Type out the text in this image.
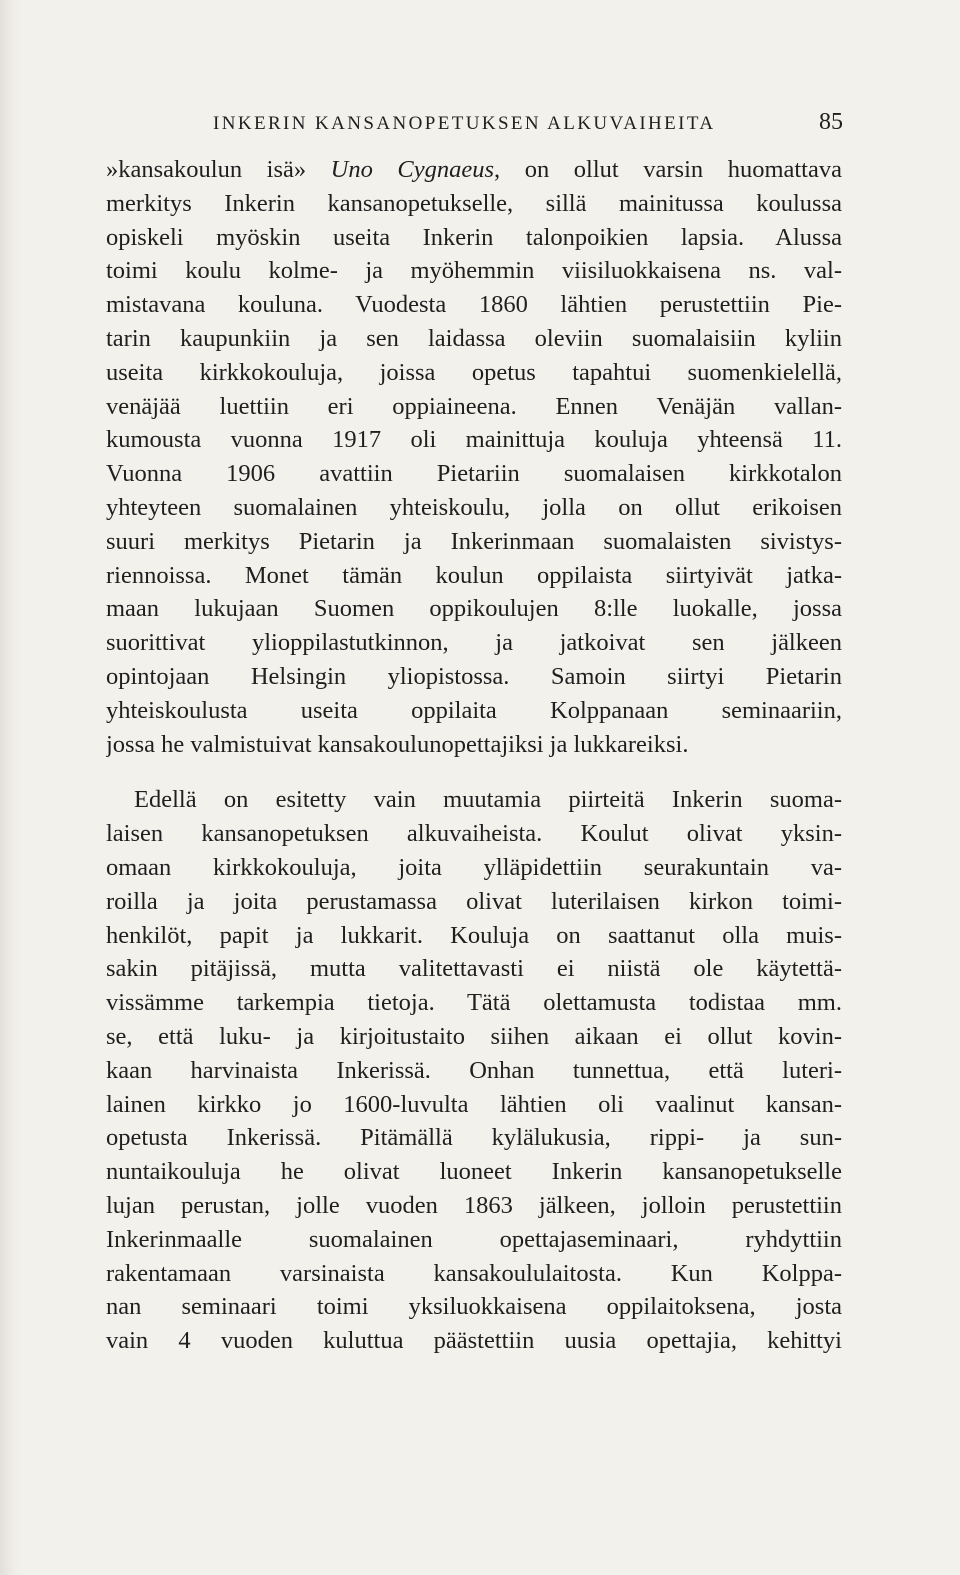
INKERIN KANSANOPETUKSEN ALKUVAIHEITA	85
»kansakoulun isä» Uno Cygnaeus, on ollut varsin huomattava
merkitys Inkerin kansanopetukselle, sillä mainitussa koulussa
opiskeli myöskin useita Inkerin talonpoikien lapsia. Alussa
toimi koulu kolme- ja myöhemmin viisiluokkaisena ns. val-
mistavana kouluna. Vuodesta 1860 lähtien perustettiin Pie-
tarin kaupunkiin ja sen laidassa oleviin suomalaisiin kyliin
useita kirkkokouluja, joissa opetus tapahtui suomenkielellä,
venäjää luettiin eri oppiaineena. Ennen Venäjän vallan-
kumousta vuonna 1917 oli mainittuja kouluja yhteensä 11.
Vuonna 1906 avattiin Pietariin suomalaisen kirkkotalon
yhteyteen suomalainen yhteiskoulu, jolla on ollut erikoisen
suuri merkitys Pietarin ja Inkerinmaan suomalaisten sivistys-
riennoissa. Monet tämän koulun oppilaista siirtyivät jatka-
maan lukujaan Suomen oppikoulujen 8:lle luokalle, jossa
suorittivat ylioppilastutkinnon, ja jatkoivat sen jälkeen
opintojaan Helsingin yliopistossa. Samoin siirtyi Pietarin
yhteiskoulusta useita oppilaita Kolppanaan seminaariin,
jossa he valmistuivat kansakoulunopettajiksi ja lukkareiksi.
Edellä on esitetty vain muutamia piirteitä Inkerin suoma-
laisen kansanopetuksen alkuvaiheista. Koulut olivat yksin-
omaan kirkkokouluja, joita ylläpidettiin seurakuntain va-
roilla ja joita perustamassa olivat luterilaisen kirkon toimi-
henkilöt, papit ja lukkarit. Kouluja on saattanut olla muis-
sakin pitäjissä, mutta valitettavasti ei niistä ole käytettä-
vissämme tarkempia tietoja. Tätä olettamusta todistaa mm.
se, että luku- ja kirjoitustaito siihen aikaan ei ollut kovin-
kaan harvinaista Inkerissä. Onhan tunnettua, että luteri-
lainen kirkko jo 1600-luvulta lähtien oli vaalinut kansan-
opetusta Inkerissä. Pitämällä kylälukusia, rippi- ja sun-
nuntaikouluja he olivat luoneet Inkerin kansanopetukselle
lujan perustan, jolle vuoden 1863 jälkeen, jolloin perustettiin
Inkerinmaalle suomalainen opettajaseminaari, ryhdyttiin
rakentamaan varsinaista kansakoululaitosta. Kun Kolppa-
nan seminaari toimi yksiluokkaisena oppilaitoksena, josta
vain 4 vuoden kuluttua päästettiin uusia opettajia, kehittyi
